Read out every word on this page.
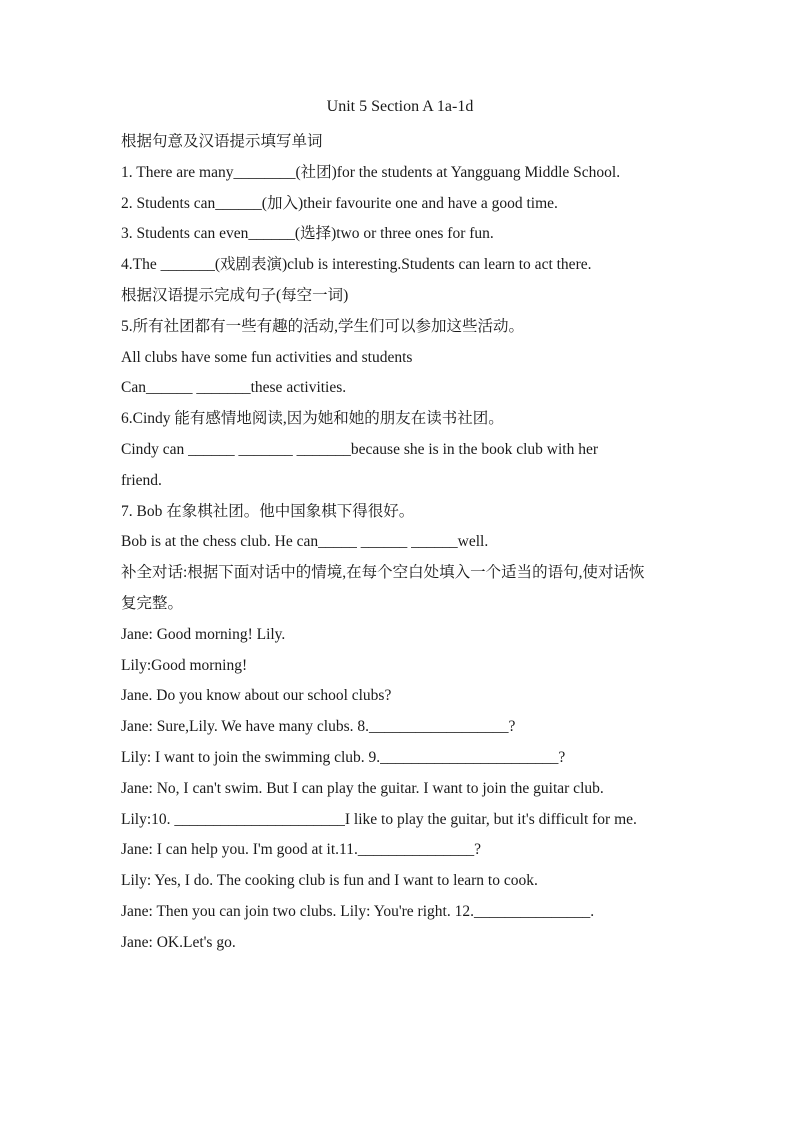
Unit 5 Section A 1a-1d
根据句意及汉语提示填写单词
1. There are many________(社团)for the students at Yangguang Middle School.
2. Students can______(加入)their favourite one and have a good time.
3. Students can even______(选择)two or three ones for fun.
4.The _______(戏剧表演)club is interesting.Students can learn to act there.
根据汉语提示完成句子(每空一词)
5.所有社团都有一些有趣的活动,学生们可以参加这些活动。
All clubs have some fun activities and students
Can______ _______these activities.
6.Cindy 能有感情地阅读,因为她和她的朋友在读书社团。
Cindy can ______ _______ _______because she is in the book club with her
friend.
7. Bob 在象棋社团。他中国象棋下得很好。
Bob is at the chess club. He can_____ ______ ______well.
补全对话:根据下面对话中的情境,在每个空白处填入一个适当的语句,使对话恢
复完整。
Jane: Good morning! Lily.
Lily:Good morning!
Jane. Do you know about our school clubs?
Jane: Sure,Lily. We have many clubs. 8.__________________?
Lily: I want to join the swimming club. 9._______________________?
Jane: No, I can't swim. But I can play the guitar. I want to join the guitar club.
Lily:10. ______________________I like to play the guitar, but it's difficult for me.
Jane: I can help you. I'm good at it.11._______________?
Lily: Yes, I do. The cooking club is fun and I want to learn to cook.
Jane: Then you can join two clubs. Lily: You're right. 12._______________.
Jane: OK.Let's go.
